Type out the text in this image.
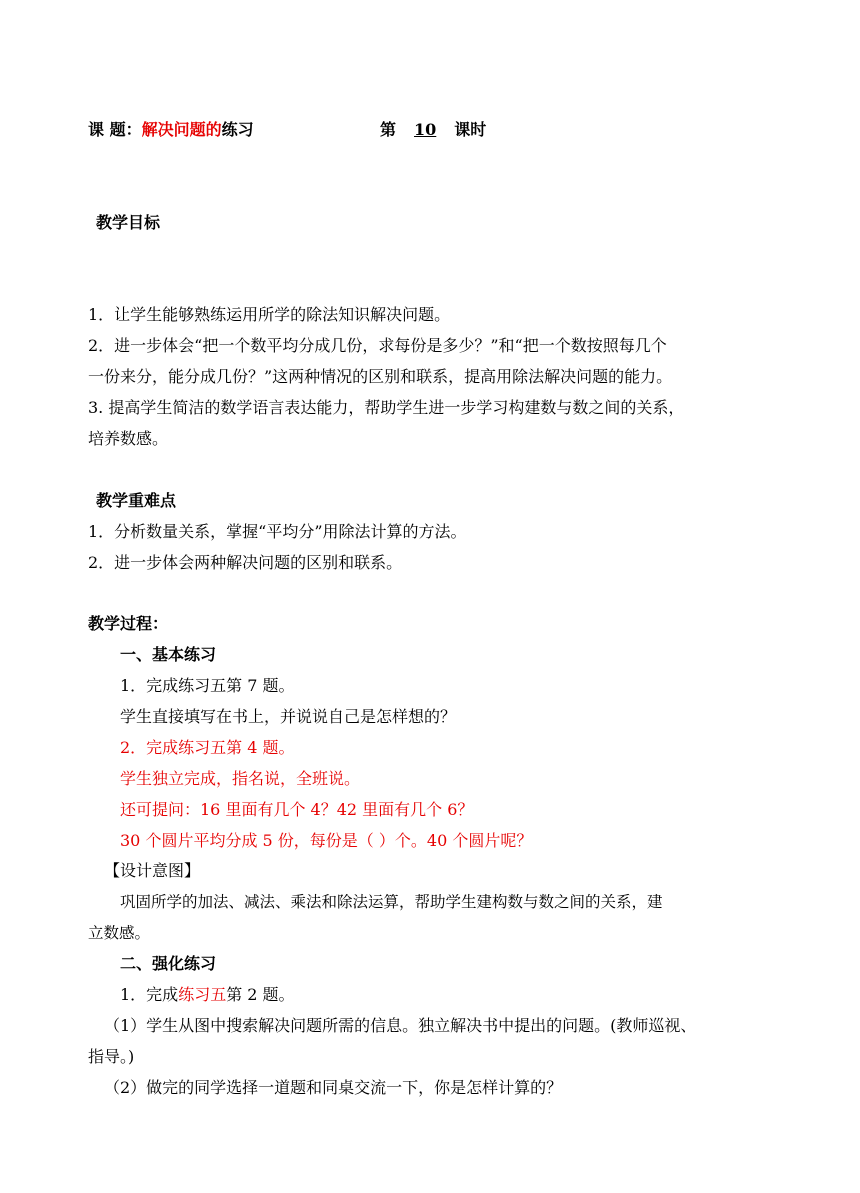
课 题：解决问题的练习	第 10 课时
教学目标
1．让学生能够熟练运用所学的除法知识解决问题。
2．进一步体会“把一个数平均分成几份，求每份是多少？”和“把一个数按照每几个
一份来分，能分成几份？”这两种情况的区别和联系，提高用除法解决问题的能力。
3. 提高学生简洁的数学语言表达能力，帮助学生进一步学习构建数与数之间的关系，
培养数感。
教学重难点
1．分析数量关系，掌握“平均分”用除法计算的方法。
2．进一步体会两种解决问题的区别和联系。
教学过程：
一、基本练习
1．完成练习五第 7 题。
学生直接填写在书上，并说说自己是怎样想的？
2．完成练习五第 4 题。
学生独立完成，指名说，全班说。
还可提问：16 里面有几个 4？42 里面有几个 6？
30 个圆片平均分成 5 份，每份是（ ）个。40 个圆片呢？
【设计意图】
巩固所学的加法、减法、乘法和除法运算，帮助学生建构数与数之间的关系，建
立数感。
二、强化练习
1．完成练习五第 2 题。
（1）学生从图中搜索解决问题所需的信息。独立解决书中提出的问题。(教师巡视、
指导。)
（2）做完的同学选择一道题和同桌交流一下，你是怎样计算的？
